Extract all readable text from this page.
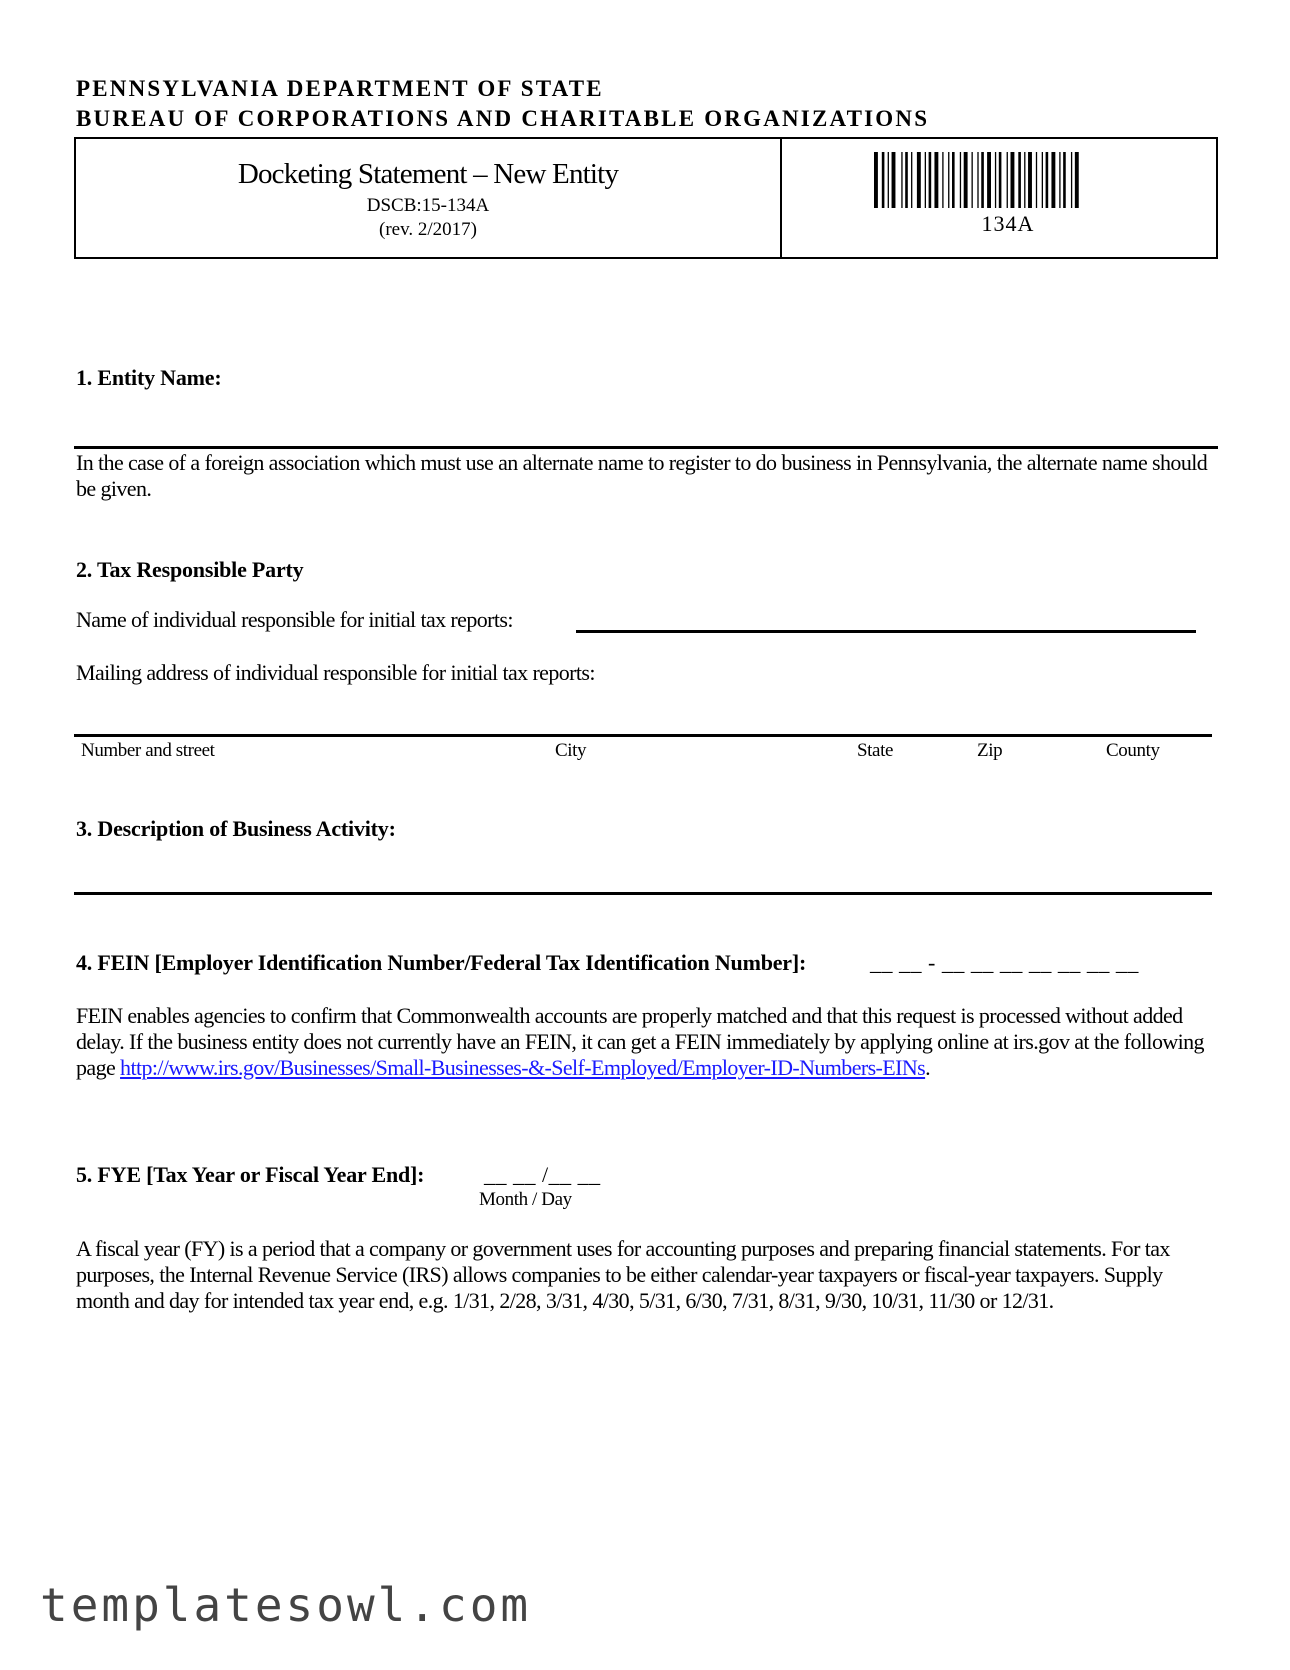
PENNSYLVANIA DEPARTMENT OF STATE
BUREAU OF CORPORATIONS AND CHARITABLE ORGANIZATIONS
Docketing Statement – New Entity
DSCB:15-134A
(rev. 2/2017)	134A
1. Entity Name:
In the case of a foreign association which must use an alternate name to register to do business in Pennsylvania, the alternate name should be given.
2. Tax Responsible Party
Name of individual responsible for initial tax reports:
Mailing address of individual responsible for initial tax reports:
Number and street	City	State	Zip	County
3. Description of Business Activity:
4. FEIN [Employer Identification Number/Federal Tax Identification Number]:	__ __ - __ __ __ __ __ __ __
FEIN enables agencies to confirm that Commonwealth accounts are properly matched and that this request is processed without added delay. If the business entity does not currently have an FEIN, it can get a FEIN immediately by applying online at irs.gov at the following page http://www.irs.gov/Businesses/Small-Businesses-&-Self-Employed/Employer-ID-Numbers-EINs.
5. FYE [Tax Year or Fiscal Year End]:	__ __ /__ __
Month / Day
A fiscal year (FY) is a period that a company or government uses for accounting purposes and preparing financial statements. For tax purposes, the Internal Revenue Service (IRS) allows companies to be either calendar-year taxpayers or fiscal-year taxpayers. Supply month and day for intended tax year end, e.g. 1/31, 2/28, 3/31, 4/30, 5/31, 6/30, 7/31, 8/31, 9/30, 10/31, 11/30 or 12/31.
templatesowl.com
